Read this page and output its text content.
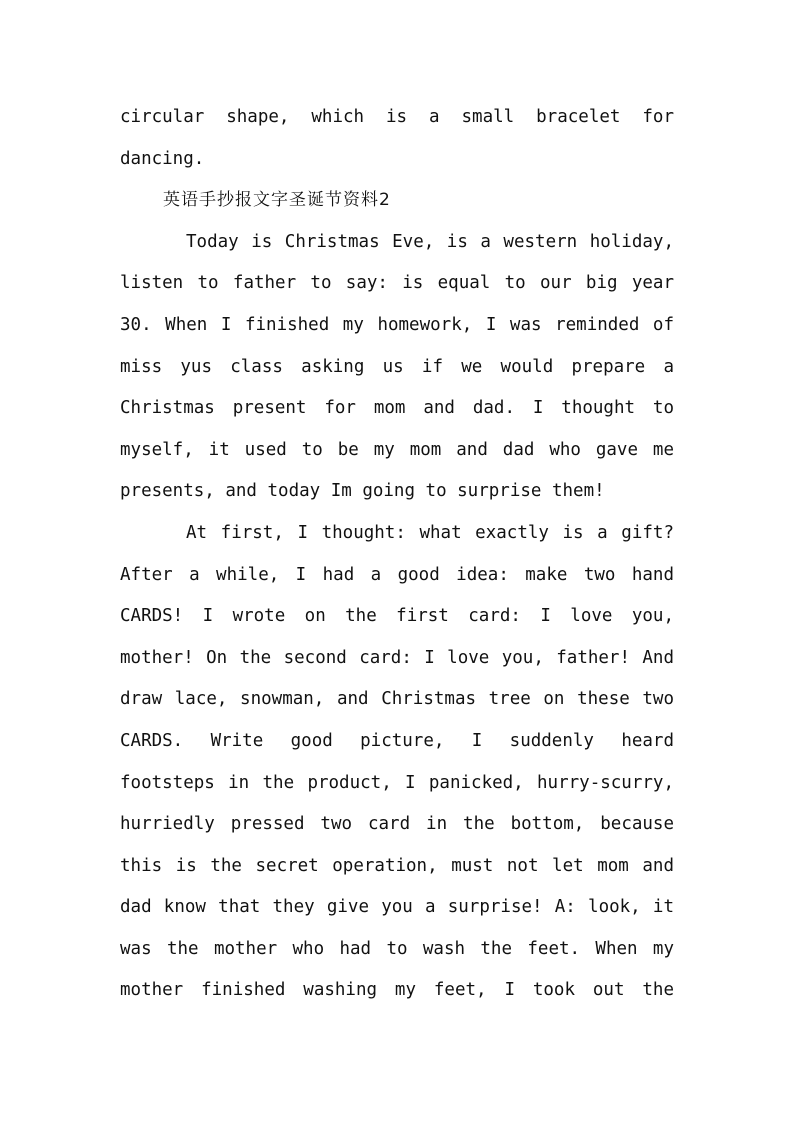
circular shape, which is a small bracelet for
dancing.
英语手抄报文字圣诞节资料2
Today is Christmas Eve, is a western holiday,
listen to father to say: is equal to our big year
30. When I finished my homework, I was reminded of
miss yus class asking us if we would prepare a
Christmas present for mom and dad. I thought to
myself, it used to be my mom and dad who gave me
presents, and today Im going to surprise them!
At first, I thought: what exactly is a gift?
After a while, I had a good idea: make two hand
CARDS! I wrote on the first card: I love you,
mother! On the second card: I love you, father! And
draw lace, snowman, and Christmas tree on these two
CARDS. Write good picture, I suddenly heard
footsteps in the product, I panicked, hurry-scurry,
hurriedly pressed two card in the bottom, because
this is the secret operation, must not let mom and
dad know that they give you a surprise! A: look, it
was the mother who had to wash the feet. When my
mother finished washing my feet, I took out the
